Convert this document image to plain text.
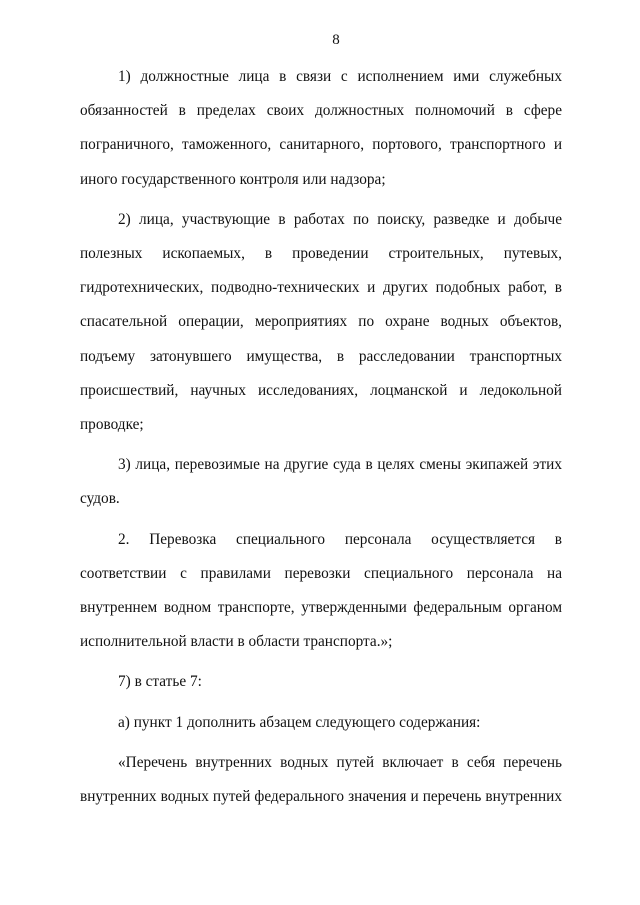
8

1) должностные лица в связи с исполнением ими служебных обязанностей в пределах своих должностных полномочий в сфере пограничного, таможенного, санитарного, портового, транспортного и иного государственного контроля или надзора;

2) лица, участвующие в работах по поиску, разведке и добыче полезных ископаемых, в проведении строительных, путевых, гидротехнических, подводно-технических и других подобных работ, в спасательной операции, мероприятиях по охране водных объектов, подъему затонувшего имущества, в расследовании транспортных происшествий, научных исследованиях, лоцманской и ледокольной проводке;

3) лица, перевозимые на другие суда в целях смены экипажей этих судов.

2. Перевозка специального персонала осуществляется в соответствии с правилами перевозки специального персонала на внутреннем водном транспорте, утвержденными федеральным органом исполнительной власти в области транспорта.»;

7) в статье 7:

а) пункт 1 дополнить абзацем следующего содержания:

«Перечень внутренних водных путей включает в себя перечень внутренних водных путей федерального значения и перечень внутренних
